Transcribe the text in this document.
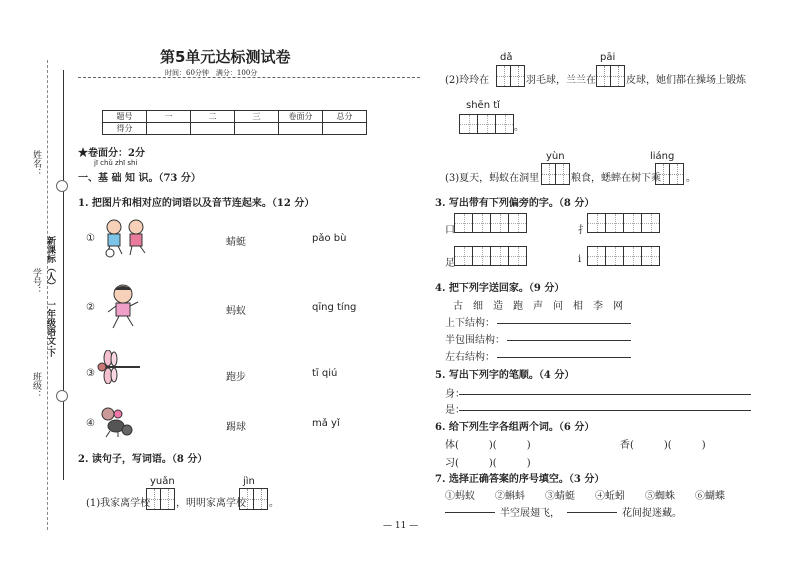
姓名：
学号：
班级：
一年级语文·下
新课标（人）
第5单元达标测试卷
时间：60分钟　满分：100分
题号	一	二	三	卷面分	总分
得分					
★卷面分：2分
jī chǔ zhī shi
一、基 础 知 识。（73 分）
1. 把图片和相对应的词语以及音节连起来。（12 分）
①
②
③
④
蜻蜓
蚂蚁
跑步
踢球
pǎo bù
qīng tíng
tī qiú
mǎ yǐ
2. 读句子，写词语。（8 分）
yuǎn	jìn
(1)我家离学校	，明明家离学校 。
— 11 —
dǎ	pāi
(2)玲玲在	羽毛球，兰兰在	皮球，她们都在操场上锻炼
shēn tǐ
。
yùn	liáng
(3)夏天，蚂蚁在洞里	粮食，蟋蟀在树下乘	。
3. 写出带有下列偏旁的字。（8 分）
口	扌
足	i
4. 把下列字送回家。（9 分）
古　细　造　跑　声　问　相　李　网
上下结构：
半包围结构：
左右结构：
5. 写出下列字的笔顺。（4 分）
身：
是：
6. 给下列生字各组两个词。（6 分）
体(　　　)(　　　)	香(　　　)(　　　)
习(　　　)(　　　)
7. 选择正确答案的序号填空。（3 分）
①蚂蚁　　②蝌蚪　　③蜻蜓　　④蚯蚓　　⑤蜘蛛　　⑥蝴蝶
半空展翅飞，	花间捉迷藏。
